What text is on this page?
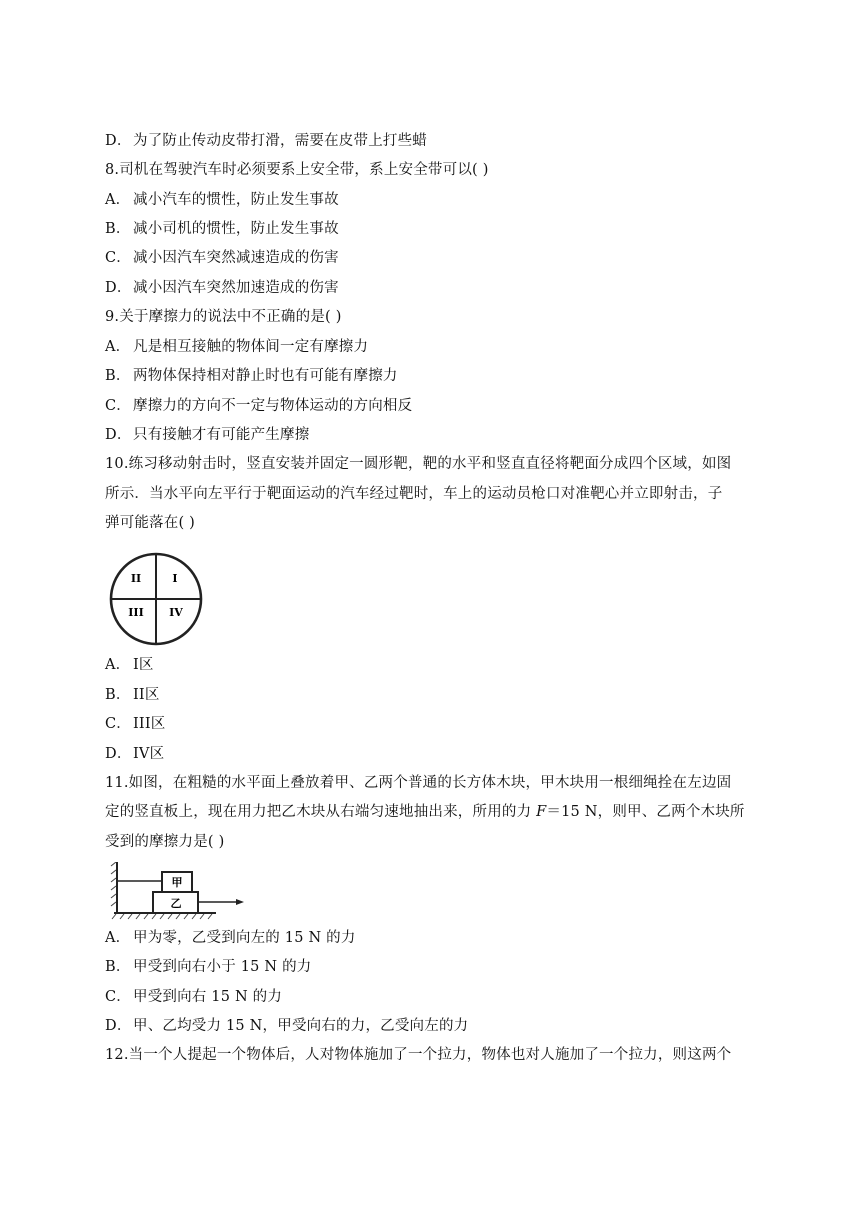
D．为了防止传动皮带打滑，需要在皮带上打些蜡
8.司机在驾驶汽车时必须要系上安全带，系上安全带可以( )
A． 减小汽车的惯性，防止发生事故
B． 减小司机的惯性，防止发生事故
C． 减小因汽车突然减速造成的伤害
D．减小因汽车突然加速造成的伤害
9.关于摩擦力的说法中不正确的是( )
A． 凡是相互接触的物体间一定有摩擦力
B． 两物体保持相对静止时也有可能有摩擦力
C． 摩擦力的方向不一定与物体运动的方向相反
D．只有接触才有可能产生摩擦
10.练习移动射击时，竖直安装并固定一圆形靶，靶的水平和竖直直径将靶面分成四个区域，如图
所示．当水平向左平行于靶面运动的汽车经过靶时，车上的运动员枪口对准靶心并立即射击，子
弹可能落在( )
II	I
III IV
A． I区
B． II区
C． III区
D．IV区
11.如图，在粗糙的水平面上叠放着甲、乙两个普通的长方体木块，甲木块用一根细绳拴在左边固
定的竖直板上，现在用力把乙木块从右端匀速地抽出来，所用的力 F＝15 N，则甲、乙两个木块所
受到的摩擦力是( )
甲
乙
A． 甲为零，乙受到向左的 15 N 的力
B． 甲受到向右小于 15 N 的力
C． 甲受到向右 15 N 的力
D．甲、乙均受力 15 N，甲受向右的力，乙受向左的力
12.当一个人提起一个物体后，人对物体施加了一个拉力，物体也对人施加了一个拉力，则这两个
